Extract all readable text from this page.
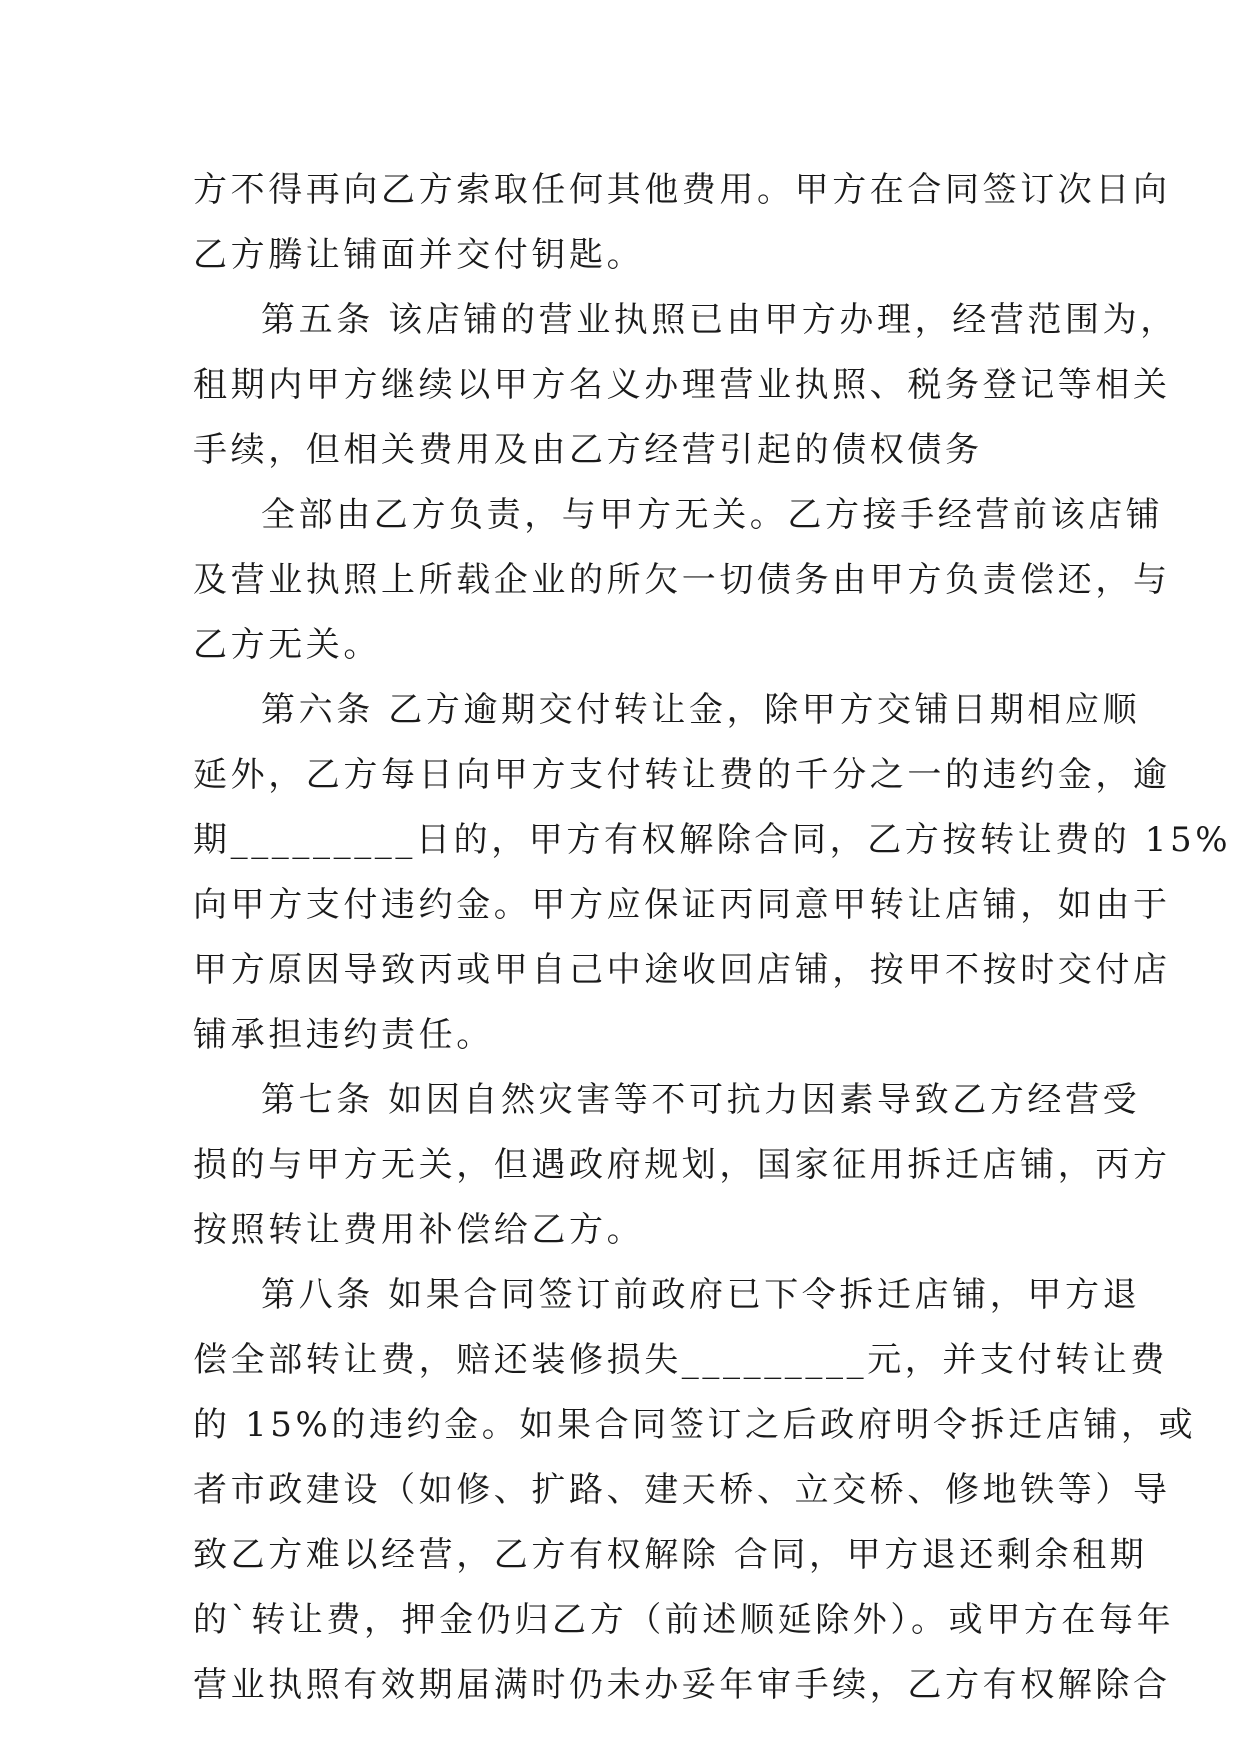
方不得再向乙方索取任何其他费用。甲方在合同签订次日向
乙方腾让铺面并交付钥匙。
第五条 该店铺的营业执照已由甲方办理，经营范围为，
租期内甲方继续以甲方名义办理营业执照、税务登记等相关
手续，但相关费用及由乙方经营引起的债权债务
全部由乙方负责，与甲方无关。乙方接手经营前该店铺
及营业执照上所载企业的所欠一切债务由甲方负责偿还，与
乙方无关。
第六条 乙方逾期交付转让金，除甲方交铺日期相应顺
延外，乙方每日向甲方支付转让费的千分之一的违约金，逾
期_________日的，甲方有权解除合同，乙方按转让费的 15%
向甲方支付违约金。甲方应保证丙同意甲转让店铺，如由于
甲方原因导致丙或甲自己中途收回店铺，按甲不按时交付店
铺承担违约责任。
第七条 如因自然灾害等不可抗力因素导致乙方经营受
损的与甲方无关，但遇政府规划，国家征用拆迁店铺，丙方
按照转让费用补偿给乙方。
第八条 如果合同签订前政府已下令拆迁店铺，甲方退
偿全部转让费，赔还装修损失_________元，并支付转让费
的 15%的违约金。如果合同签订之后政府明令拆迁店铺，或
者市政建设（如修、扩路、建天桥、立交桥、修地铁等）导
致乙方难以经营，乙方有权解除 合同，甲方退还剩余租期
的`转让费，押金仍归乙方（前述顺延除外）。或甲方在每年
营业执照有效期届满时仍未办妥年审手续，乙方有权解除合
